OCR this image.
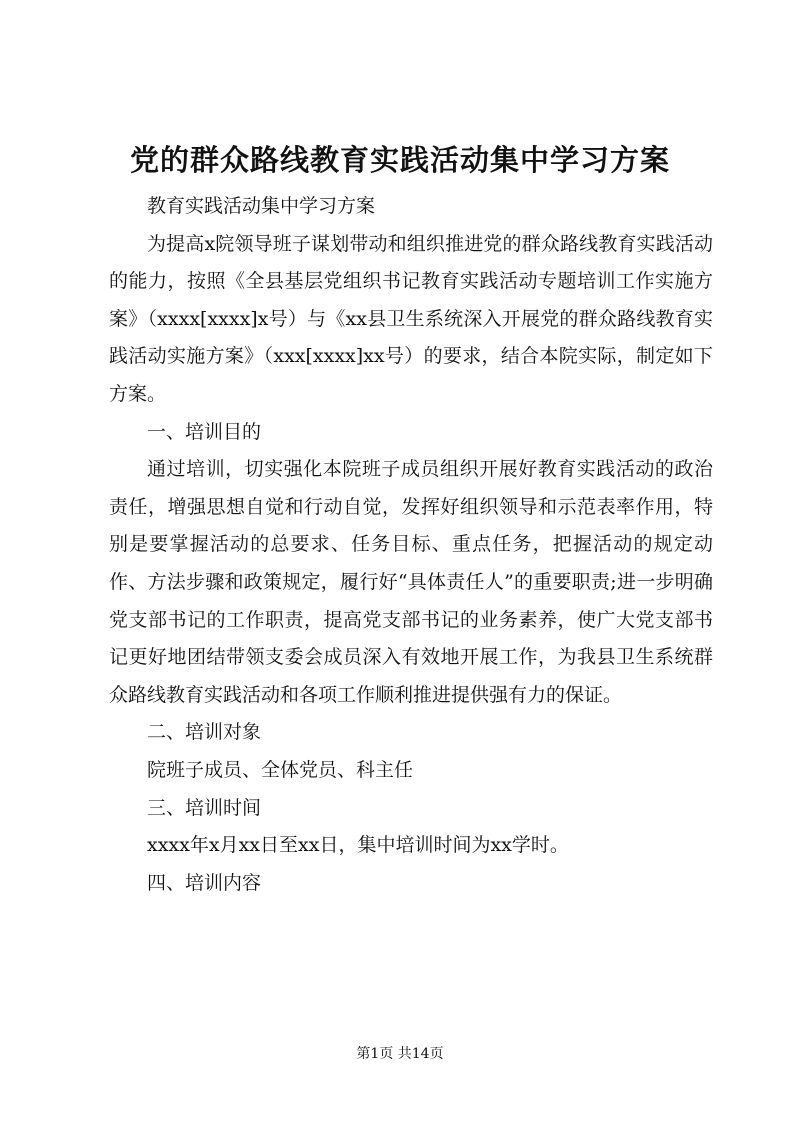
党的群众路线教育实践活动集中学习方案

教育实践活动集中学习方案

为提高x院领导班子谋划带动和组织推进党的群众路线教育实践活动的能力，按照《全县基层党组织书记教育实践活动专题培训工作实施方案》（xxxx[xxxx]x号）与《xx县卫生系统深入开展党的群众路线教育实践活动实施方案》（xxx[xxxx]xx号）的要求，结合本院实际，制定如下方案。

一、培训目的

通过培训，切实强化本院班子成员组织开展好教育实践活动的政治责任，增强思想自觉和行动自觉，发挥好组织领导和示范表率作用，特别是要掌握活动的总要求、任务目标、重点任务，把握活动的规定动作、方法步骤和政策规定，履行好“具体责任人”的重要职责;进一步明确党支部书记的工作职责，提高党支部书记的业务素养，使广大党支部书记更好地团结带领支委会成员深入有效地开展工作，为我县卫生系统群众路线教育实践活动和各项工作顺利推进提供强有力的保证。

二、培训对象

院班子成员、全体党员、科主任

三、培训时间

xxxx年x月xx日至xx日，集中培训时间为xx学时。

四、培训内容

第1页 共14页
